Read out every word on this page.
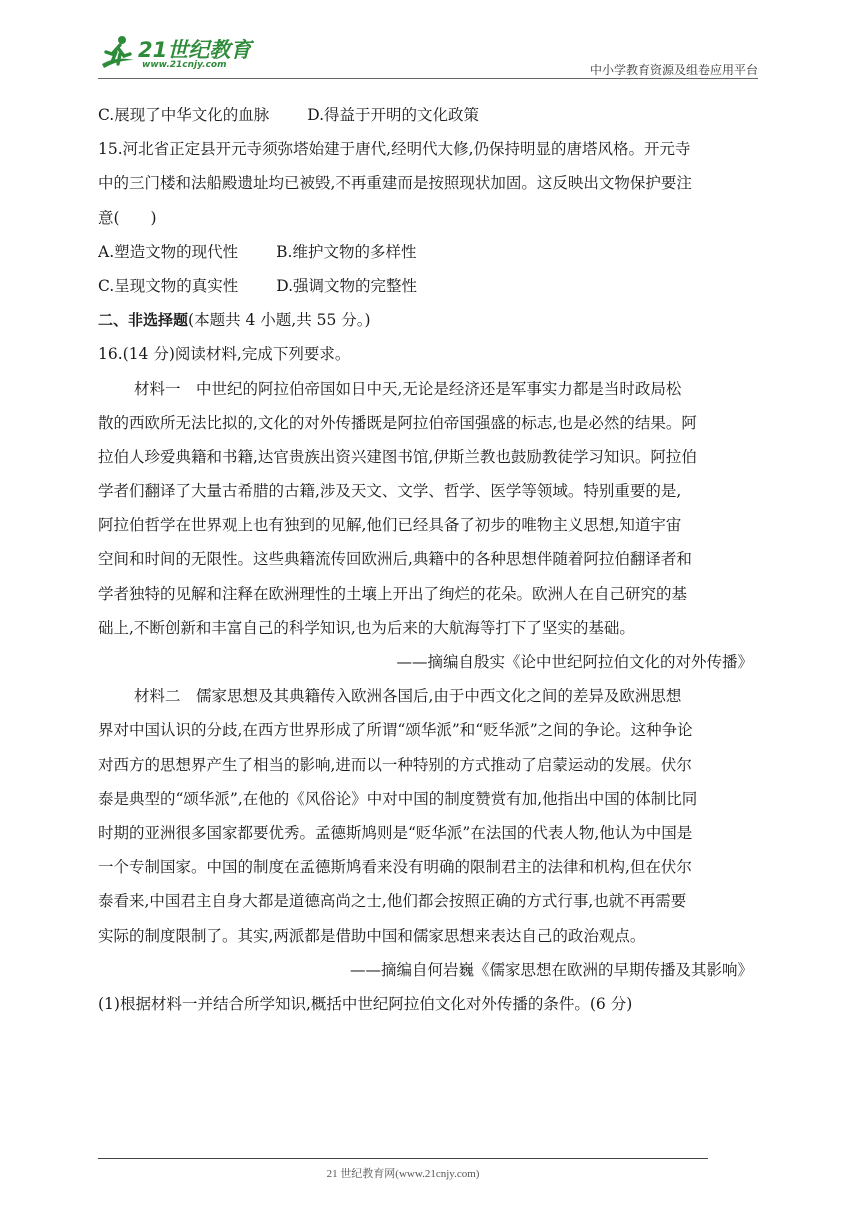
21世纪教育
www.21cnjy.com	中小学教育资源及组卷应用平台
C.展现了中华文化的血脉 D.得益于开明的文化政策
15.河北省正定县开元寺须弥塔始建于唐代,经明代大修,仍保持明显的唐塔风格。开元寺
中的三门楼和法船殿遗址均已被毁,不再重建而是按照现状加固。这反映出文物保护要注
意(　　)
A.塑造文物的现代性 B.维护文物的多样性
C.呈现文物的真实性 D.强调文物的完整性
二、非选择题(本题共 4 小题,共 55 分。)
16.(14 分)阅读材料,完成下列要求。
材料一　中世纪的阿拉伯帝国如日中天,无论是经济还是军事实力都是当时政局松
散的西欧所无法比拟的,文化的对外传播既是阿拉伯帝国强盛的标志,也是必然的结果。阿
拉伯人珍爱典籍和书籍,达官贵族出资兴建图书馆,伊斯兰教也鼓励教徒学习知识。阿拉伯
学者们翻译了大量古希腊的古籍,涉及天文、文学、哲学、医学等领域。特别重要的是,
阿拉伯哲学在世界观上也有独到的见解,他们已经具备了初步的唯物主义思想,知道宇宙
空间和时间的无限性。这些典籍流传回欧洲后,典籍中的各种思想伴随着阿拉伯翻译者和
学者独特的见解和注释在欧洲理性的土壤上开出了绚烂的花朵。欧洲人在自己研究的基
础上,不断创新和丰富自己的科学知识,也为后来的大航海等打下了坚实的基础。
——摘编自殷实《论中世纪阿拉伯文化的对外传播》
材料二　儒家思想及其典籍传入欧洲各国后,由于中西文化之间的差异及欧洲思想
界对中国认识的分歧,在西方世界形成了所谓“颂华派”和“贬华派”之间的争论。这种争论
对西方的思想界产生了相当的影响,进而以一种特别的方式推动了启蒙运动的发展。伏尔
泰是典型的“颂华派”,在他的《风俗论》中对中国的制度赞赏有加,他指出中国的体制比同
时期的亚洲很多国家都要优秀。孟德斯鸠则是“贬华派”在法国的代表人物,他认为中国是
一个专制国家。中国的制度在孟德斯鸠看来没有明确的限制君主的法律和机构,但在伏尔
泰看来,中国君主自身大都是道德高尚之士,他们都会按照正确的方式行事,也就不再需要
实际的制度限制了。其实,两派都是借助中国和儒家思想来表达自己的政治观点。
——摘编自何岩巍《儒家思想在欧洲的早期传播及其影响》
(1)根据材料一并结合所学知识,概括中世纪阿拉伯文化对外传播的条件。(6 分)
21 世纪教育网(www.21cnjy.com)
